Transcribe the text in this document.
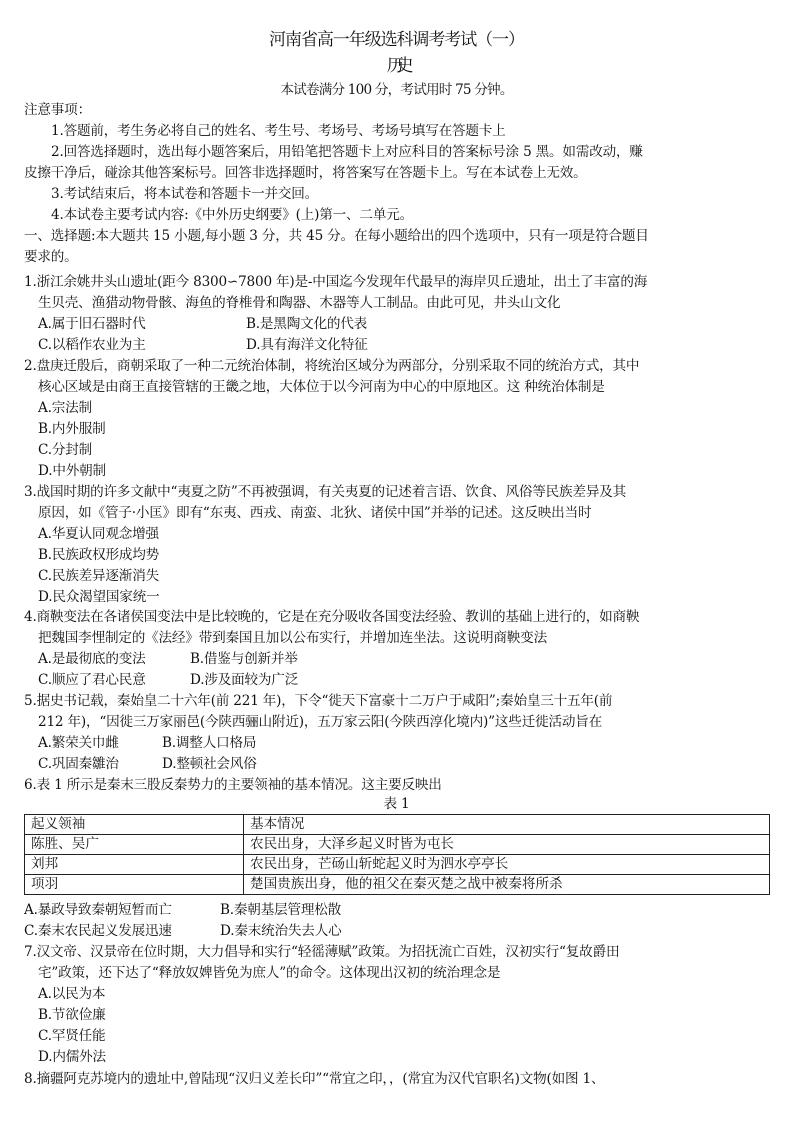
河南省高一年级选科调考考试（一）
历史
本试卷满分 100 分，考试用时 75 分钟。
注意事项：
1.答题前，考生务必将自己的姓名、考生号、考场号、考场号填写在答题卡上
2.回答选择题时，选出每小题答案后，用铅笔把答题卡上对应科目的答案标号涂 5 黑。如需改动，赚
皮擦干净后，碰涂其他答案标号。回答非选择题时，将答案写在答题卡上。写在本试卷上无效。
3.考试结束后，将本试卷和答题卡一并交回。
4.本试卷主要考试内容:《中外历史纲要》(上)第一、二单元。
一、选择题:本大题共 15 小题,每小题 3 分，共 45 分。在每小题给出的四个选项中，只有一项是符合题目
要求的。
1.浙江余姚井头山遗址(距今 8300∽7800 年)是-中国迄今发现年代最早的海岸贝丘遗址，出土了丰富的海
生贝壳、渔猎动物骨骸、海鱼的脊椎骨和陶器、木器等人工制品。由此可见，井头山文化
A.属于旧石器时代	B.是黑陶文化的代表
C.以稻作农业为主	D.具有海洋文化特征
2.盘庚迁殷后，商朝采取了一种二元统治体制，将统治区域分为两部分，分别采取不同的统治方式，其中
核心区域是由商王直接管辖的王畿之地，大体位于以今河南为中心的中原地区。这 种统治体制是
A.宗法制
B.内外服制
C.分封制
D.中外朝制
3.战国时期的许多文献中“夷夏之防”不再被强调，有关夷夏的记述着言语、饮食、风俗等民族差异及其
原因，如《管子·小匡》即有“东夷、西戎、南蛮、北狄、诸侯中国”并举的记述。这反映出当时
A.华夏认同观念增强
B.民族政权形成均势
C.民族差异逐渐消失
D.民众渴望国家统一
4.商鞅变法在各诸侯国变法中是比较晚的，它是在充分吸收各国变法经验、教训的基础上进行的，如商鞅
把魏国李悝制定的《法经》带到秦国且加以公布实行，并增加连坐法。这说明商鞅变法
A.是最彻底的变法	B.借鉴与创新并举
C.顺应了君心民意	D.涉及面较为广泛
5.据史书记载，秦始皇二十六年(前 221 年)，下令“徙天下富豪十二万户于咸阳”;秦始皇三十五年(前
212 年)，“因徙三万家丽邑(今陕西骊山附近)，五万家云阳(今陕西淳化境内)”这些迁徙活动旨在
A.繁荣关巾雌	B.调整人口格局
C.巩固秦雛治	D.整顿社会风俗
6.表 1 所示是秦末三股反秦势力的主要领袖的基本情况。这主要反映出
表 1
起义领袖	基本情况
陈胜、吴广	农民出身，大泽乡起义时皆为屯长
刘邦	农民出身，芒砀山斩蛇起义时为泗水亭亭长
项羽	楚国贵族出身，他的祖父在秦灭楚之战中被秦将所杀
A.暴政导致秦朝短暂而亡	B.秦朝基层管理松散
C.秦末农民起义发展迅速	D.秦末统治失去人心
7.汉文帝、汉景帝在位时期，大力倡导和实行“轻徭薄赋”政策。为招抚流亡百姓，汉初实行“复故爵田
宅”政策，还下达了“释放奴婢皆免为庶人”的命令。这体现出汉初的统治理念是
A.以民为本
B.节欲俭廉
C.罕贤任能
D.内儒外法
8.摘疆阿克苏境内的遗址中,曾陆现“汉归义差长印”“常宜之印，，(常宜为汉代官职名)文物(如图 1、
